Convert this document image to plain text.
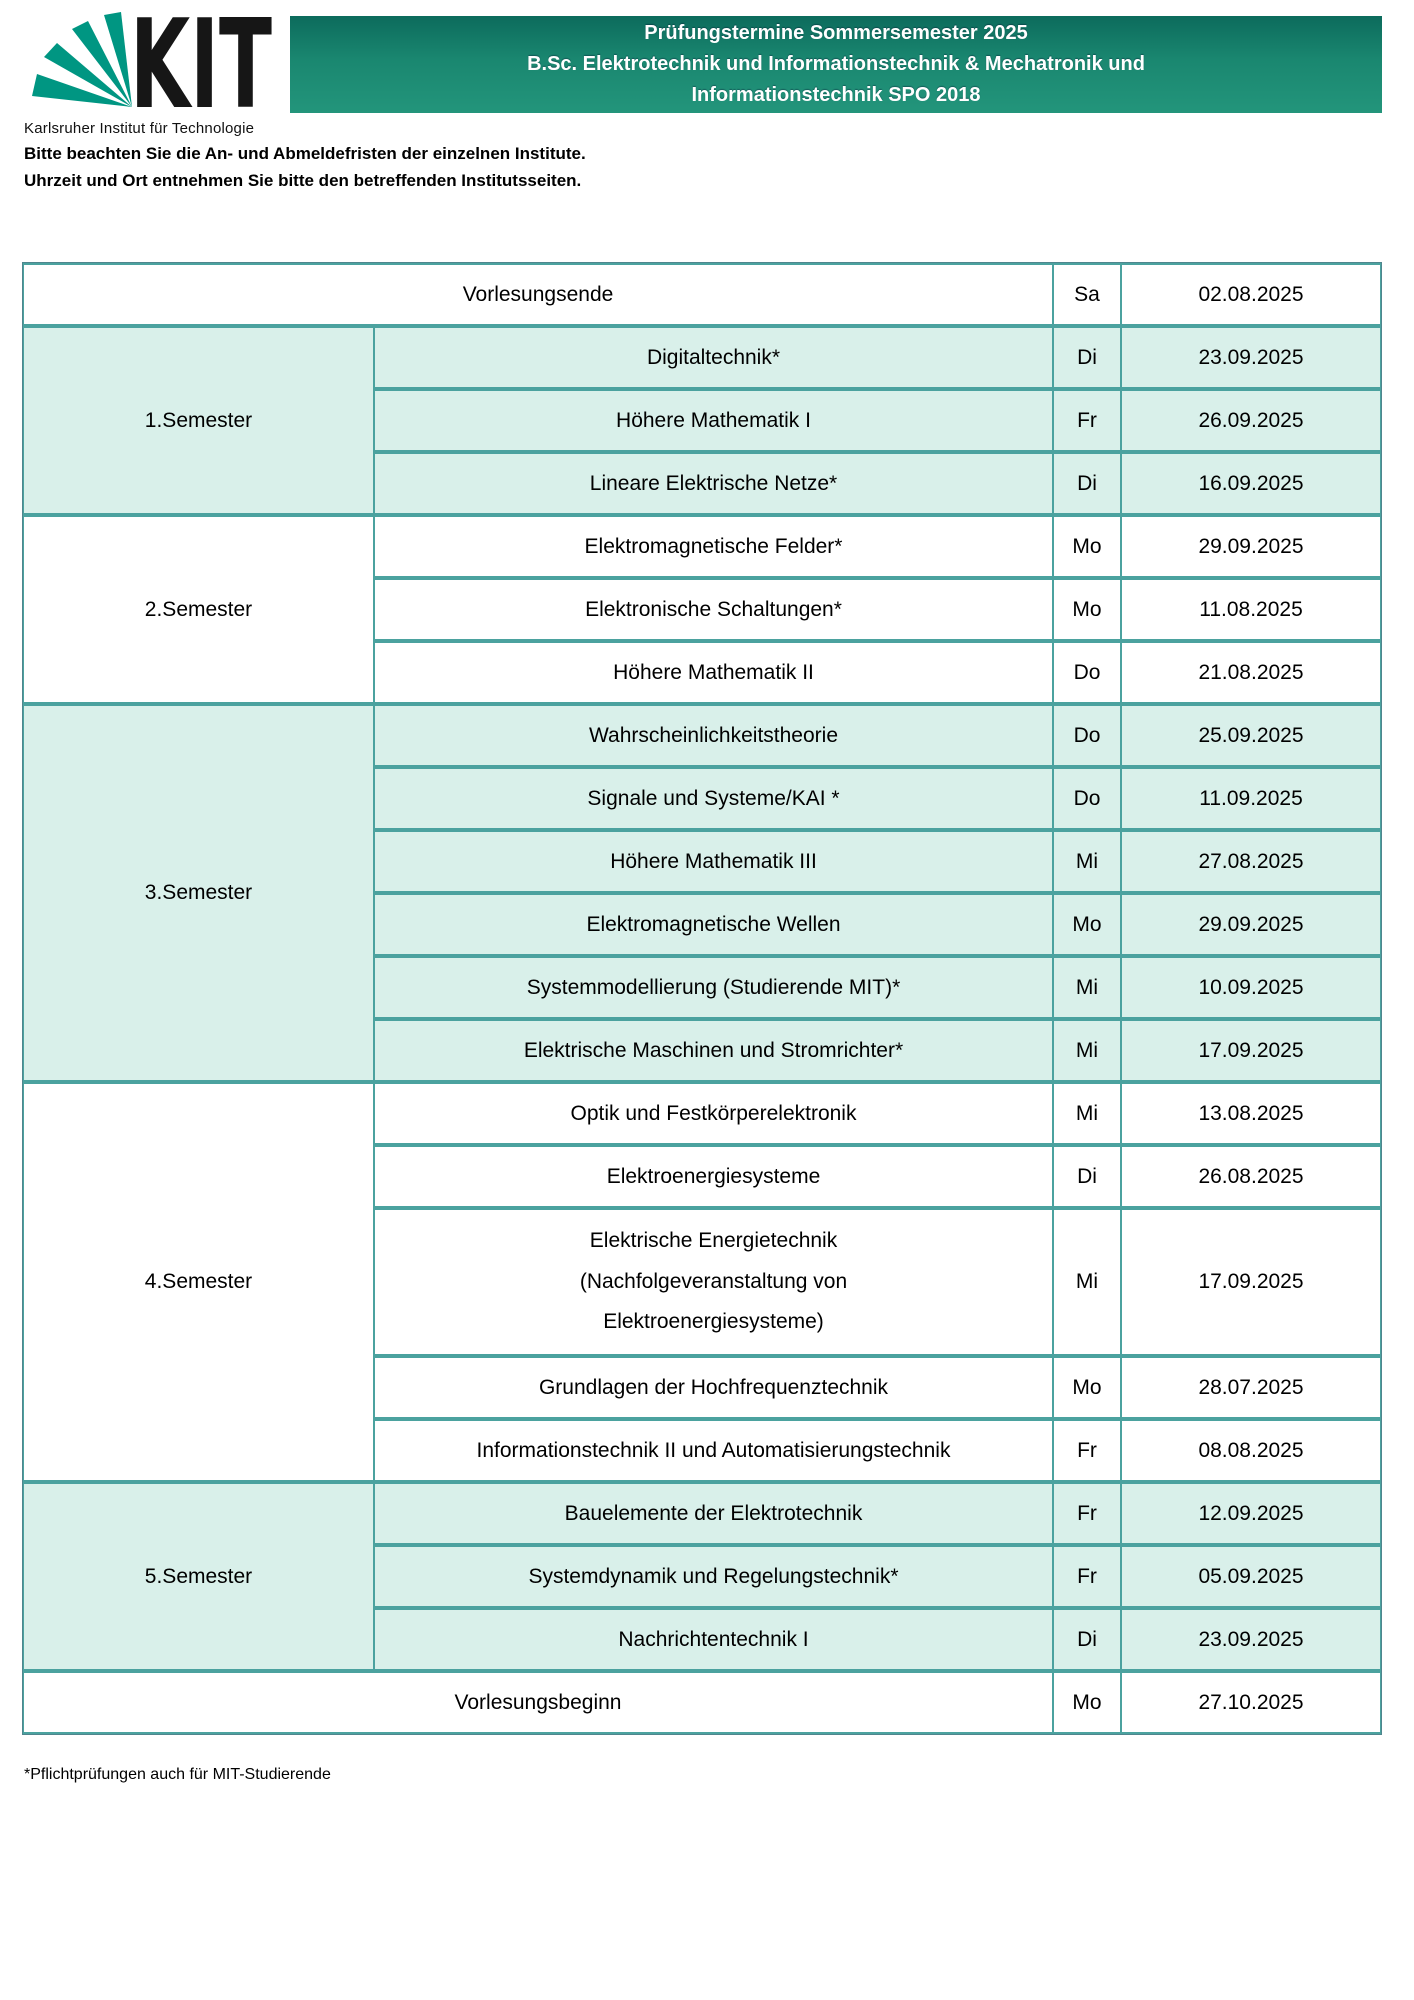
KIT
Karlsruher Institut für Technologie
Prüfungstermine Sommersemester 2025
B.Sc. Elektrotechnik und Informationstechnik & Mechatronik und
Informationstechnik SPO 2018
Bitte beachten Sie die An- und Abmeldefristen der einzelnen Institute.
Uhrzeit und Ort entnehmen Sie bitte den betreffenden Institutsseiten.
Vorlesungsende		Sa	02.08.2025
1.Semester	Digitaltechnik*	Di	23.09.2025
	Höhere Mathematik I	Fr	26.09.2025
	Lineare Elektrische Netze*	Di	16.09.2025
2.Semester	Elektromagnetische Felder*	Mo	29.09.2025
	Elektronische Schaltungen*	Mo	11.08.2025
	Höhere Mathematik II	Do	21.08.2025
3.Semester	Wahrscheinlichkeitstheorie	Do	25.09.2025
	Signale und Systeme/KAI *	Do	11.09.2025
	Höhere Mathematik III	Mi	27.08.2025
	Elektromagnetische Wellen	Mo	29.09.2025
	Systemmodellierung (Studierende MIT)*	Mi	10.09.2025
	Elektrische Maschinen und Stromrichter*	Mi	17.09.2025
4.Semester	Optik und Festkörperelektronik	Mi	13.08.2025
	Elektroenergiesysteme	Di	26.08.2025

	Elektrische Energietechnik (Nachfolgeveranstaltung von Elektroenergiesysteme)	Mi	17.09.2025
	Grundlagen der Hochfrequenztechnik	Mo	28.07.2025
	Informationstechnik II und Automatisierungstechnik	Fr	08.08.2025
5.Semester	Bauelemente der Elektrotechnik	Fr	12.09.2025
	Systemdynamik und Regelungstechnik*	Fr	05.09.2025
	Nachrichtentechnik I	Di	23.09.2025
Vorlesungsbeginn		Mo	27.10.2025
*Pflichtprüfungen auch für MIT-Studierende
